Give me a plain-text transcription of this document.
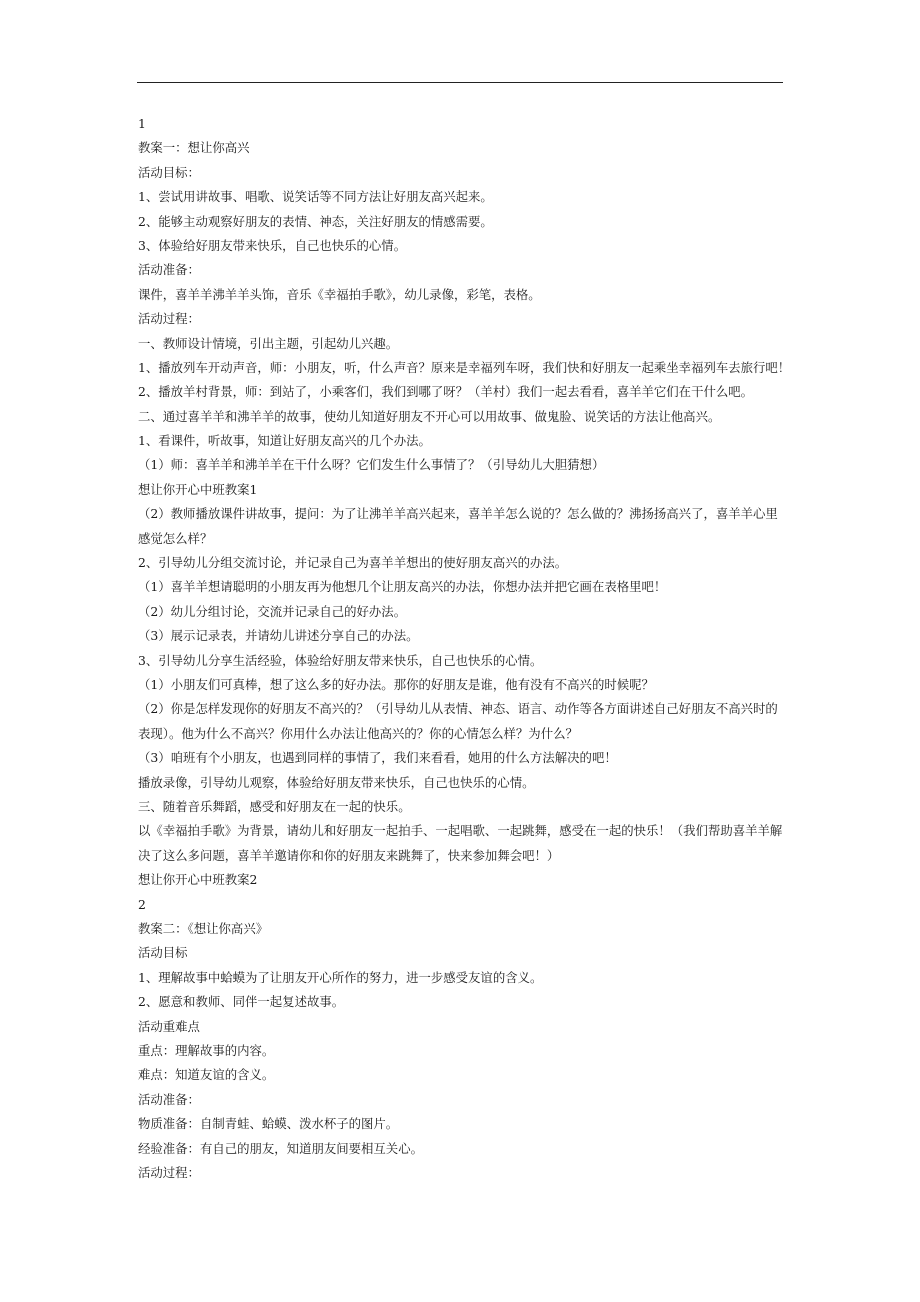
1

教案一：想让你高兴

活动目标：

1、尝试用讲故事、唱歌、说笑话等不同方法让好朋友高兴起来。

2、能够主动观察好朋友的表情、神态，关注好朋友的情感需要。

3、体验给好朋友带来快乐，自己也快乐的心情。

活动准备：

课件，喜羊羊沸羊羊头饰，音乐《幸福拍手歌》，幼儿录像，彩笔，表格。

活动过程：

一、教师设计情境，引出主题，引起幼儿兴趣。

1、播放列车开动声音，师：小朋友，听，什么声音？原来是幸福列车呀，我们快和好朋友一起乘坐幸福列车去旅行吧！

2、播放羊村背景，师：到站了，小乘客们，我们到哪了呀？（羊村）我们一起去看看，喜羊羊它们在干什么吧。

二、通过喜羊羊和沸羊羊的故事，使幼儿知道好朋友不开心可以用故事、做鬼脸、说笑话的方法让他高兴。

1、看课件，听故事，知道让好朋友高兴的几个办法。

（1）师：喜羊羊和沸羊羊在干什么呀？它们发生什么事情了？（引导幼儿大胆猜想）

想让你开心中班教案1

（2）教师播放课件讲故事，提问：为了让沸羊羊高兴起来，喜羊羊怎么说的？怎么做的？沸扬扬高兴了，喜羊羊心里感觉怎么样？

2、引导幼儿分组交流讨论，并记录自己为喜羊羊想出的使好朋友高兴的办法。

（1）喜羊羊想请聪明的小朋友再为他想几个让朋友高兴的办法，你想办法并把它画在表格里吧！

（2）幼儿分组讨论，交流并记录自己的好办法。

（3）展示记录表，并请幼儿讲述分享自己的办法。

3、引导幼儿分享生活经验，体验给好朋友带来快乐，自己也快乐的心情。

（1）小朋友们可真棒，想了这么多的好办法。那你的好朋友是谁，他有没有不高兴的时候呢？

（2）你是怎样发现你的好朋友不高兴的？（引导幼儿从表情、神态、语言、动作等各方面讲述自己好朋友不高兴时的表现）。他为什么不高兴？你用什么办法让他高兴的？你的心情怎么样？为什么？

（3）咱班有个小朋友，也遇到同样的事情了，我们来看看，她用的什么方法解决的吧！

播放录像，引导幼儿观察，体验给好朋友带来快乐，自己也快乐的心情。

三、随着音乐舞蹈，感受和好朋友在一起的快乐。

以《幸福拍手歌》为背景，请幼儿和好朋友一起拍手、一起唱歌、一起跳舞，感受在一起的快乐！（我们帮助喜羊羊解决了这么多问题，喜羊羊邀请你和你的好朋友来跳舞了，快来参加舞会吧！）

想让你开心中班教案2

2

教案二：《想让你高兴》

活动目标

1、理解故事中蛤蟆为了让朋友开心所作的努力，进一步感受友谊的含义。

2、愿意和教师、同伴一起复述故事。

活动重难点

重点：理解故事的内容。

难点：知道友谊的含义。

活动准备：

物质准备：自制青蛙、蛤蟆、泼水杯子的图片。

经验准备：有自己的朋友，知道朋友间要相互关心。

活动过程：
